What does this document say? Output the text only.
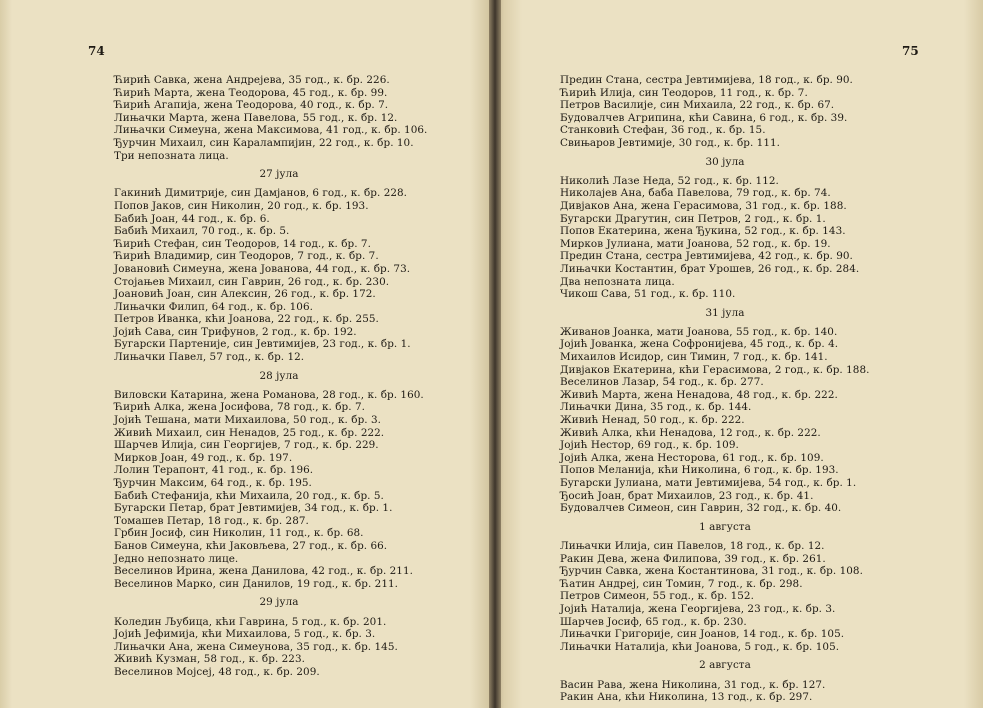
74
Ћирић Савка, жена Андрејева, 35 год., к. бр. 226.
Ћирић Марта, жена Теодорова, 45 год., к. бр. 99.
Ћирић Агапија, жена Теодорова, 40 год., к. бр. 7.
Лињачки Марта, жена Павелова, 55 год., к. бр. 12.
Лињачки Симеуна, жена Максимова, 41 год., к. бр. 106.
Ђурчин Михаил, син Каралампијин, 22 год., к. бр. 10.
Три непозната лица.
27 јула
Гакинић Димитрије, син Дамјанов, 6 год., к. бр. 228.
Попов Јаков, син Николин, 20 год., к. бр. 193.
Бабић Јоан, 44 год., к. бр. 6.
Бабић Михаил, 70 год., к. бр. 5.
Ћирић Стефан, син Теодоров, 14 год., к. бр. 7.
Ћирић Владимир, син Теодоров, 7 год., к. бр. 7.
Јовановић Симеуна, жена Јованова, 44 год., к. бр. 73.
Стојањев Михаил, син Гаврин, 26 год., к. бр. 230.
Јоановић Јоан, син Алексин, 26 год., к. бр. 172.
Лињачки Филип, 64 год., к. бр. 106.
Петров Иванка, кћи Јоанова, 22 год., к. бр. 255.
Јојић Сава, син Трифунов, 2 год., к. бр. 192.
Бугарски Партеније, син Јевтимијев, 23 год., к. бр. 1.
Лињачки Павел, 57 год., к. бр. 12.
28 јула
Виловски Катарина, жена Романова, 28 год., к. бр. 160.
Ћирић Алка, жена Јосифова, 78 год., к. бр. 7.
Јојић Тешана, мати Михаилова, 50 год., к. бр. 3.
Живић Михаил, син Ненадов, 25 год., к. бр. 222.
Шарчев Илија, син Георгијев, 7 год., к. бр. 229.
Мирков Јоан, 49 год., к. бр. 197.
Лолин Терапонт, 41 год., к. бр. 196.
Ђурчин Максим, 64 год., к. бр. 195.
Бабић Стефанија, кћи Михаила, 20 год., к. бр. 5.
Бугарски Петар, брат Јевтимијев, 34 год., к. бр. 1.
Томашев Петар, 18 год., к. бр. 287.
Грбин Јосиф, син Николин, 11 год., к. бр. 68.
Банов Симеуна, кћи Јаковљева, 27 год., к. бр. 66.
Једно непознато лице.
Веселинов Ирина, жена Данилова, 42 год., к. бр. 211.
Веселинов Марко, син Данилов, 19 год., к. бр. 211.
29 јула
Коледин Љубица, кћи Гаврина, 5 год., к. бр. 201.
Јојић Јефимија, кћи Михаилова, 5 год., к. бр. 3.
Лињачки Ана, жена Симеунова, 35 год., к. бр. 145.
Живић Кузман, 58 год., к. бр. 223.
Веселинов Мојсеј, 48 год., к. бр. 209.
75
Предин Стана, сестра Јевтимијева, 18 год., к. бр. 90.
Ћирић Илија, син Теодоров, 11 год., к. бр. 7.
Петров Василије, син Михаила, 22 год., к. бр. 67.
Будовалчев Агрипина, кћи Савина, 6 год., к. бр. 39.
Станковић Стефан, 36 год., к. бр. 15.
Свињаров Јевтимије, 30 год., к. бр. 111.
30 јула
Николић Лазе Неда, 52 год., к. бр. 112.
Николајев Ана, баба Павелова, 79 год., к. бр. 74.
Дивјаков Ана, жена Герасимова, 31 год., к. бр. 188.
Бугарски Драгутин, син Петров, 2 год., к. бр. 1.
Попов Екатерина, жена Ђукина, 52 год., к. бр. 143.
Мирков Јулиана, мати Јоанова, 52 год., к. бр. 19.
Предин Стана, сестра Јевтимијева, 42 год., к. бр. 90.
Лињачки Костантин, брат Урошев, 26 год., к. бр. 284.
Два непозната лица.
Чикош Сава, 51 год., к. бр. 110.
31 јула
Живанов Јоанка, мати Јоанова, 55 год., к. бр. 140.
Јојић Јованка, жена Софронијева, 45 год., к. бр. 4.
Михаилов Исидор, син Тимин, 7 год., к. бр. 141.
Дивјаков Екатерина, кћи Герасимова, 2 год., к. бр. 188.
Веселинов Лазар, 54 год., к. бр. 277.
Живић Марта, жена Ненадова, 48 год., к. бр. 222.
Лињачки Дина, 35 год., к. бр. 144.
Живић Ненад, 50 год., к. бр. 222.
Живић Алка, кћи Ненадова, 12 год., к. бр. 222.
Јојић Нестор, 69 год., к. бр. 109.
Јојић Алка, жена Несторова, 61 год., к. бр. 109.
Попов Меланија, кћи Николина, 6 год., к. бр. 193.
Бугарски Јулиана, мати Јевтимијева, 54 год., к. бр. 1.
Ђосић Јоан, брат Михаилов, 23 год., к. бр. 41.
Будовалчев Симеон, син Гаврин, 32 год., к. бр. 40.
1 августа
Лињачки Илија, син Павелов, 18 год., к. бр. 12.
Ракин Дева, жена Филипова, 39 год., к. бр. 261.
Ђурчин Савка, жена Костантинова, 31 год., к. бр. 108.
Ћатин Андреј, син Томин, 7 год., к. бр. 298.
Петров Симеон, 55 год., к. бр. 152.
Јојић Наталија, жена Георгијева, 23 год., к. бр. 3.
Шарчев Јосиф, 65 год., к. бр. 230.
Лињачки Григорије, син Јоанов, 14 год., к. бр. 105.
Лињачки Наталија, кћи Јоанова, 5 год., к. бр. 105.
2 августа
Васин Рава, жена Николина, 31 год., к. бр. 127.
Ракин Ана, кћи Николина, 13 год., к. бр. 297.
